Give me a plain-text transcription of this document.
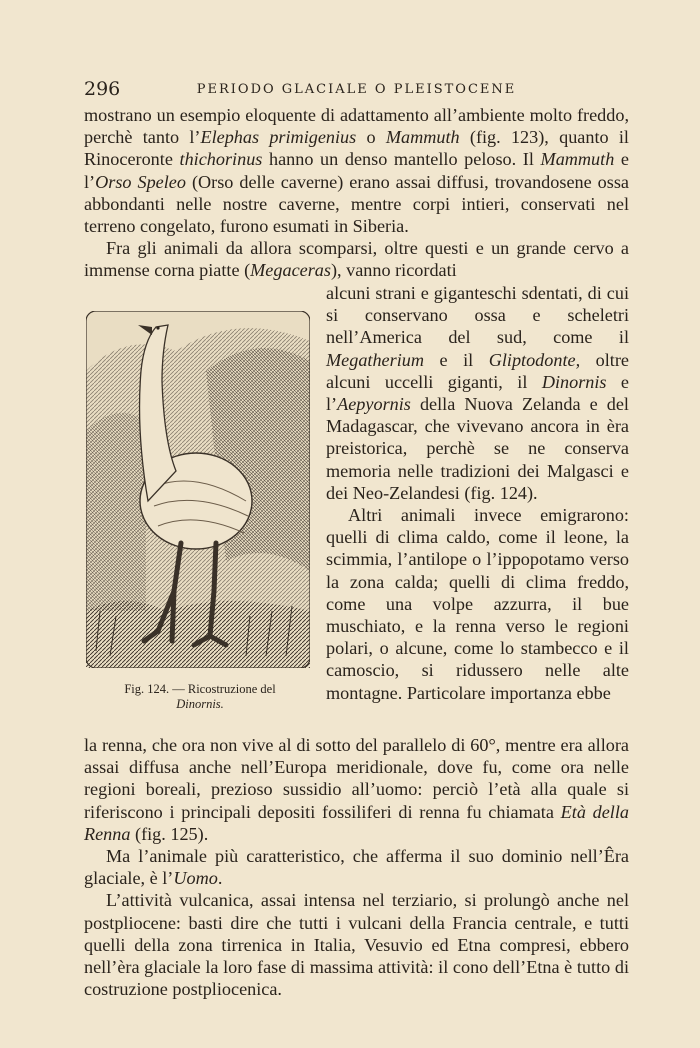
296	PERIODO GLACIALE O PLEISTOCENE

mostrano un esempio eloquente di adattamento all’ambiente molto freddo, perchè tanto l’Elephas primigenius o Mammuth (fig. 123), quanto il Rinoceronte thichorinus hanno un denso mantello peloso. Il Mammuth e l’Orso Speleo (Orso delle caverne) erano assai diffusi, trovandosene ossa abbondanti nelle nostre caverne, mentre corpi intieri, conservati nel terreno congelato, furono esumati in Siberia.

Fra gli animali da allora scomparsi, oltre questi e un grande cervo a immense corna piatte (Megaceras), vanno ricordati

alcuni strani e giganteschi sdentati, di cui si conservano ossa e scheletri nell’America del sud, come il Megatherium e il Gliptodonte, oltre alcuni uccelli giganti, il Dinornis e l’Aepyornis della Nuova Zelanda e del Madagascar, che vivevano ancora in èra preistorica, perchè se ne conserva memoria nelle tradizioni dei Malgasci e dei Neo-Zelandesi (fig. 124).

Altri animali invece emigrarono: quelli di clima caldo, come il leone, la scimmia, l’antilope o l’ippopotamo verso la zona calda; quelli di clima freddo, come una volpe azzurra, il bue muschiato, e la renna verso le regioni polari, o alcune, come lo stambecco e il camoscio, si ridussero nelle alte montagne. Particolare importanza ebbe

Fig. 124. — Ricostruzione del
Dinornis.

la renna, che ora non vive al di sotto del parallelo di 60°, mentre era allora assai diffusa anche nell’Europa meridionale, dove fu, come ora nelle regioni boreali, prezioso sussidio all’uomo: perciò l’età alla quale si riferiscono i principali depositi fossiliferi di renna fu chiamata Età della Renna (fig. 125).

Ma l’animale più caratteristico, che afferma il suo dominio nell’Êra glaciale, è l’Uomo.

L’attività vulcanica, assai intensa nel terziario, si prolungò anche nel postpliocene: basti dire che tutti i vulcani della Francia centrale, e tutti quelli della zona tirrenica in Italia, Vesuvio ed Etna compresi, ebbero nell’èra glaciale la loro fase di massima attività: il cono dell’Etna è tutto di costruzione postpliocenica.
